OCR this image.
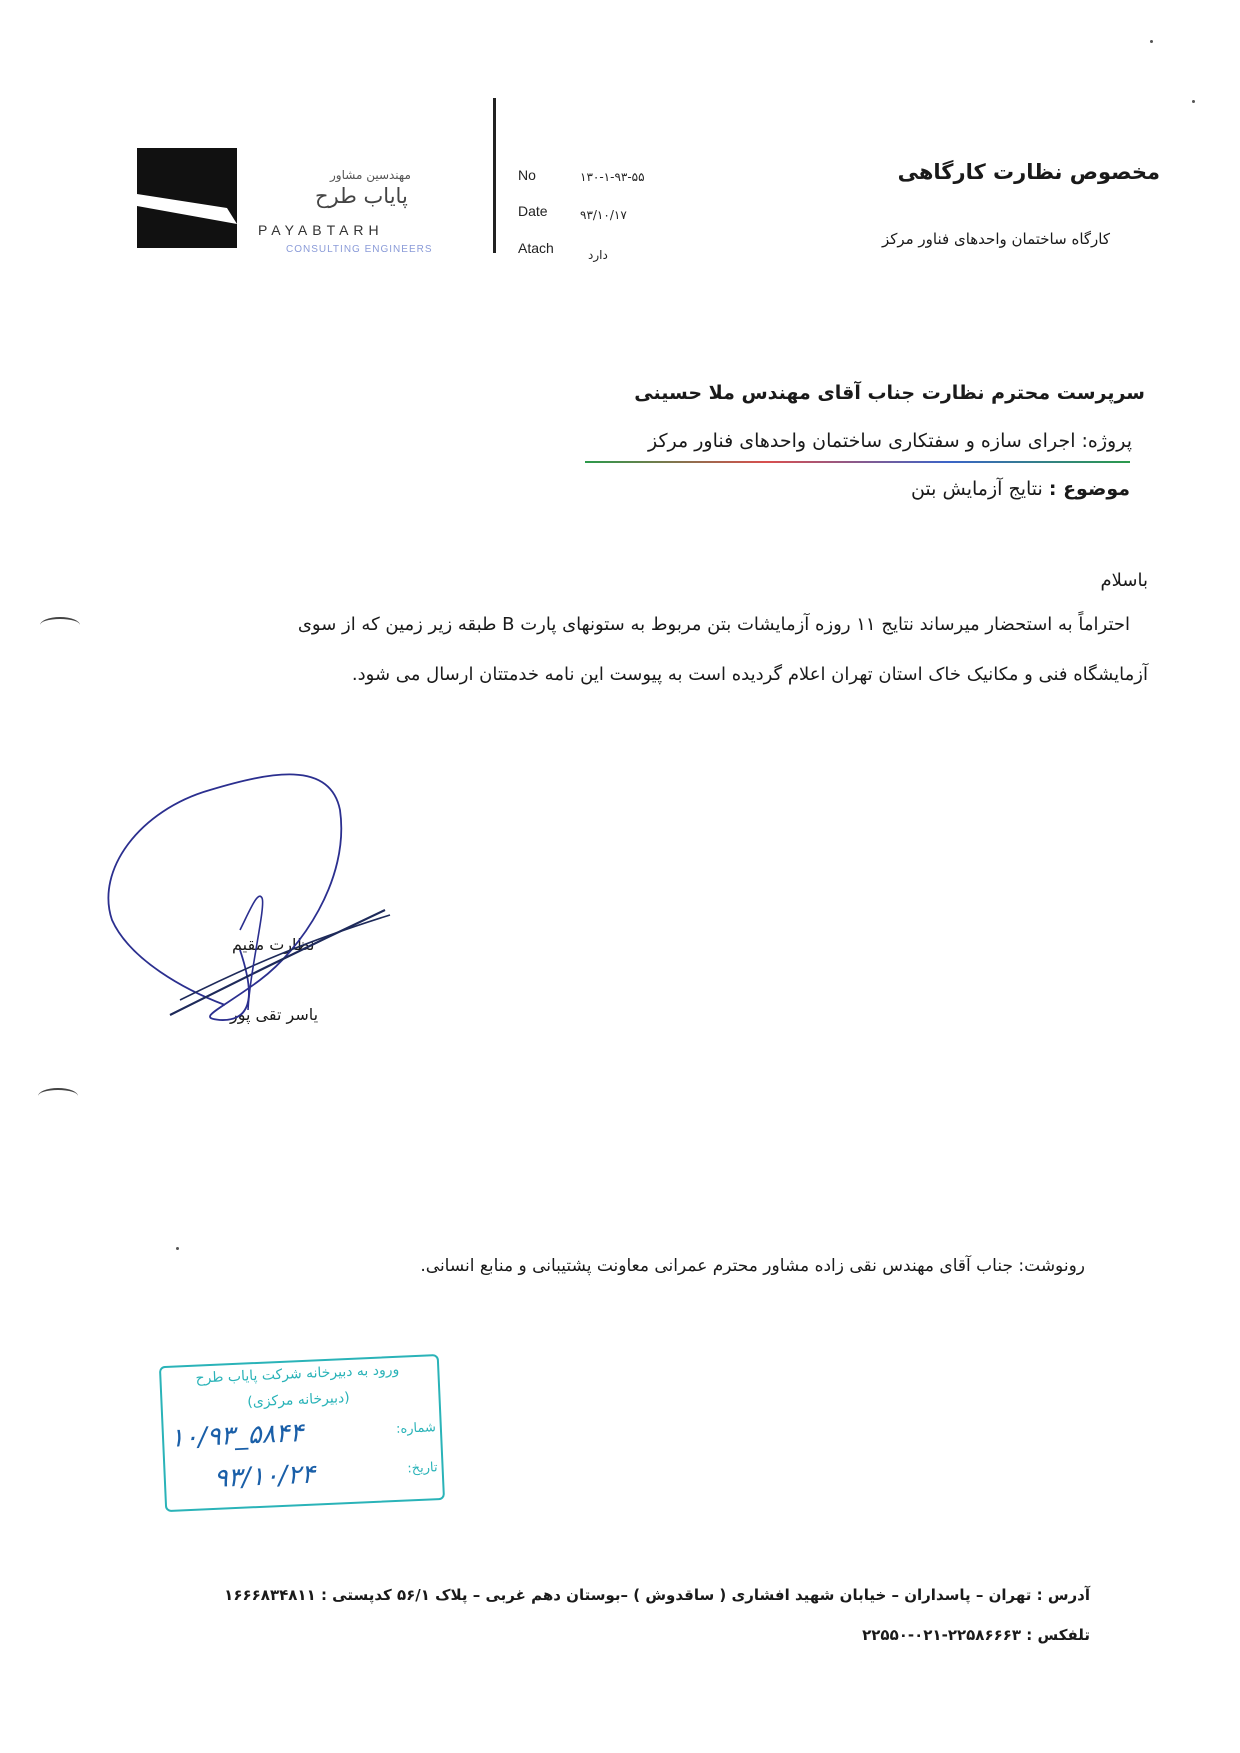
مهندسین مشاور
پایاب طرح
PAYABTARH
CONSULTING ENGINEERS
No	۱۳۰-۱-۹۳-۵۵
Date	۹۳/۱۰/۱۷
Atach	دارد
مخصوص نظارت کارگاهی
کارگاه ساختمان واحدهای فناور مرکز
سرپرست محترم نظارت جناب آقای مهندس ملا حسینی
پروژه: اجرای سازه و سفتکاری ساختمان واحدهای فناور مرکز
موضوع : نتایج آزمایش بتن
باسلام
احتراماً به استحضار میرساند نتایج ۱۱ روزه آزمایشات بتن مربوط به ستونهای پارت B طبقه زیر زمین که از سوی
آزمایشگاه فنی و مکانیک خاک استان تهران اعلام گردیده است به پیوست این نامه خدمتتان ارسال می شود.
نظارت مقیم
یاسر تقی پور
رونوشت: جناب آقای مهندس نقی زاده مشاور محترم عمرانی معاونت پشتیبانی و منابع انسانی.
ورود به دبیرخانه شرکت پایاب طرح
(دبیرخانه مرکزی)
شماره:
۱۰/۹۳_۵۸۴۴
تاریخ:
۹۳/۱۰/۲۴
آدرس : تهران – پاسداران – خیابان شهید افشاری ( ساقدوش ) –بوستان دهم غربی – پلاک ۵۶/۱ کدپستی : ۱۶۶۶۸۳۴۸۱۱
تلفکس : ۲۲۵۸۶۶۶۳-۰۲۱-۲۲۵۵۰
